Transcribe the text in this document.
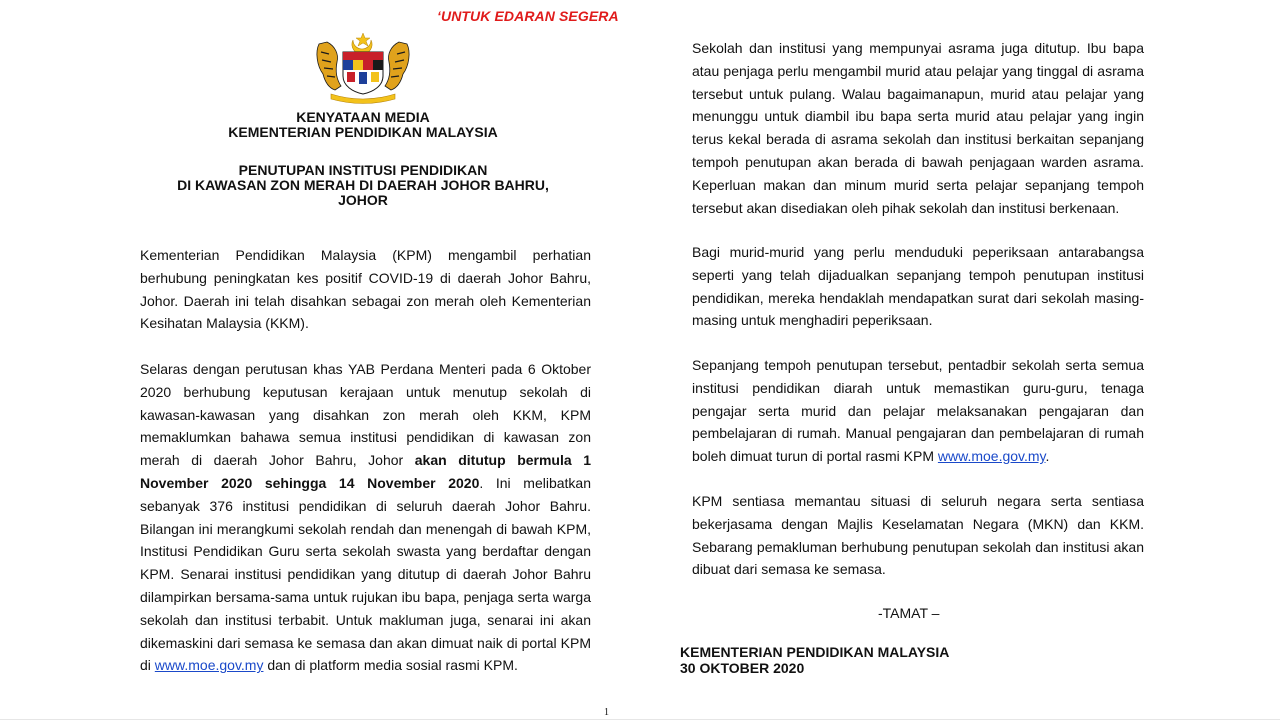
‘UNTUK EDARAN SEGERA
KENYATAAN MEDIA
KEMENTERIAN PENDIDIKAN MALAYSIA
PENUTUPAN INSTITUSI PENDIDIKAN
DI KAWASAN ZON MERAH DI DAERAH JOHOR BAHRU,
JOHOR
Kementerian Pendidikan Malaysia (KPM) mengambil perhatian berhubung peningkatan kes positif COVID-19 di daerah Johor Bahru, Johor. Daerah ini telah disahkan sebagai zon merah oleh Kementerian Kesihatan Malaysia (KKM).
Selaras dengan perutusan khas YAB Perdana Menteri pada 6 Oktober 2020 berhubung keputusan kerajaan untuk menutup sekolah di kawasan-kawasan yang disahkan zon merah oleh KKM, KPM memaklumkan bahawa semua institusi pendidikan di kawasan zon merah di daerah Johor Bahru, Johor akan ditutup bermula 1 November 2020 sehingga 14 November 2020. Ini melibatkan sebanyak 376 institusi pendidikan di seluruh daerah Johor Bahru. Bilangan ini merangkumi sekolah rendah dan menengah di bawah KPM, Institusi Pendidikan Guru serta sekolah swasta yang berdaftar dengan KPM. Senarai institusi pendidikan yang ditutup di daerah Johor Bahru dilampirkan bersama-sama untuk rujukan ibu bapa, penjaga serta warga sekolah dan institusi terbabit. Untuk makluman juga, senarai ini akan dikemaskini dari semasa ke semasa dan akan dimuat naik di portal KPM di www.moe.gov.my dan di platform media sosial rasmi KPM.
Sekolah dan institusi yang mempunyai asrama juga ditutup. Ibu bapa atau penjaga perlu mengambil murid atau pelajar yang tinggal di asrama tersebut untuk pulang. Walau bagaimanapun, murid atau pelajar yang menunggu untuk diambil ibu bapa serta murid atau pelajar yang ingin terus kekal berada di asrama sekolah dan institusi berkaitan sepanjang tempoh penutupan akan berada di bawah penjagaan warden asrama. Keperluan makan dan minum murid serta pelajar sepanjang tempoh tersebut akan disediakan oleh pihak sekolah dan institusi berkenaan.
Bagi murid-murid yang perlu menduduki peperiksaan antarabangsa seperti yang telah dijadualkan sepanjang tempoh penutupan institusi pendidikan, mereka hendaklah mendapatkan surat dari sekolah masing-masing untuk menghadiri peperiksaan.
Sepanjang tempoh penutupan tersebut, pentadbir sekolah serta semua institusi pendidikan diarah untuk memastikan guru-guru, tenaga pengajar serta murid dan pelajar melaksanakan pengajaran dan pembelajaran di rumah. Manual pengajaran dan pembelajaran di rumah boleh dimuat turun di portal rasmi KPM www.moe.gov.my.
KPM sentiasa memantau situasi di seluruh negara serta sentiasa bekerjasama dengan Majlis Keselamatan Negara (MKN) dan KKM. Sebarang pemakluman berhubung penutupan sekolah dan institusi akan dibuat dari semasa ke semasa.
-TAMAT –
KEMENTERIAN PENDIDIKAN MALAYSIA
30 OKTOBER 2020
1
